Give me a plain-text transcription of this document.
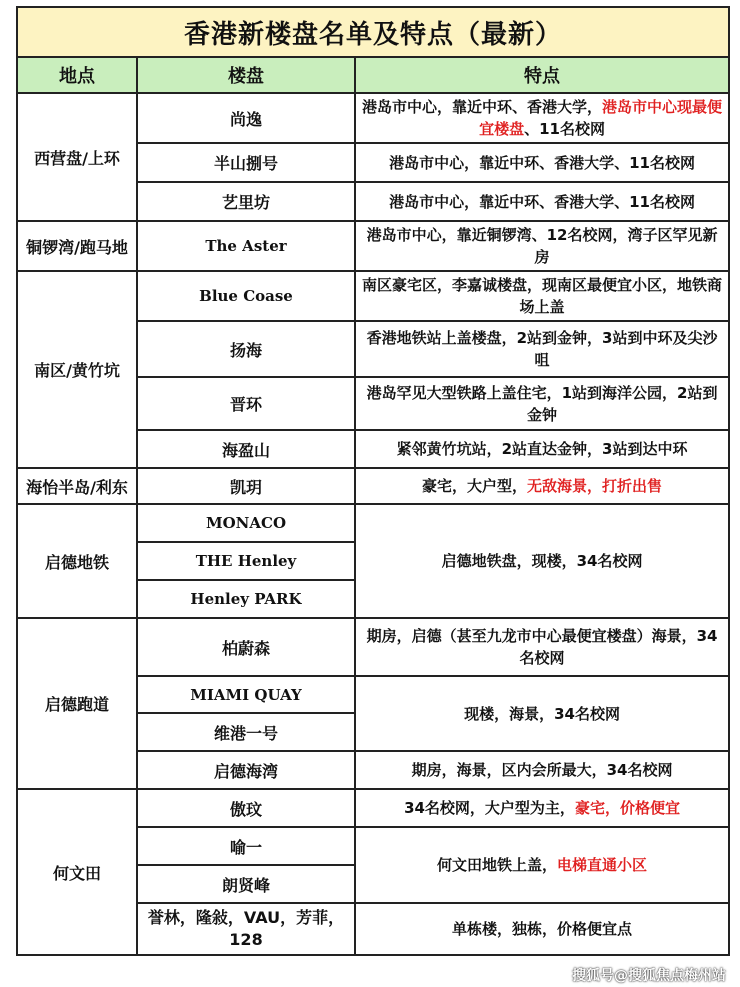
香港新楼盘名单及特点（最新）		
地点	楼盘	特点
西营盘/上环	尚逸	港岛市中心，靠近中环、香港大学，港岛市中心现最便宜楼盘、11名校网
	半山捌号	港岛市中心，靠近中环、香港大学、11名校网
	艺里坊	港岛市中心，靠近中环、香港大学、11名校网
铜锣湾/跑马地	The Aster	港岛市中心，靠近铜锣湾、12名校网，湾子区罕见新房
南区/黄竹坑	Blue Coase	南区豪宅区，李嘉诚楼盘，现南区最便宜小区，地铁商场上盖
	扬海	香港地铁站上盖楼盘，2站到金钟，3站到中环及尖沙咀
	晋环	港岛罕见大型铁路上盖住宅，1站到海洋公园，2站到金钟
	海盈山	紧邻黄竹坑站，2站直达金钟，3站到达中环
海怡半岛/利东	凯玥	豪宅，大户型，无敌海景，打折出售
启德地铁	MONACO	启德地铁盘，现楼，34名校网
	THE Henley	
	Henley PARK	
启德跑道	柏蔚森	期房，启德（甚至九龙市中心最便宜楼盘）海景，34名校网
	MIAMI QUAY	现楼，海景，34名校网
	维港一号	
	启德海湾	期房，海景，区内会所最大，34名校网
何文田	傲玟	34名校网，大户型为主，豪宅，价格便宜
	喻一	何文田地铁上盖，电梯直通小区
	朗贤峰	
	誉林，隆敍，VAU，芳菲，128	单栋楼，独栋，价格便宜点
搜狐号@搜狐焦点梅州站
